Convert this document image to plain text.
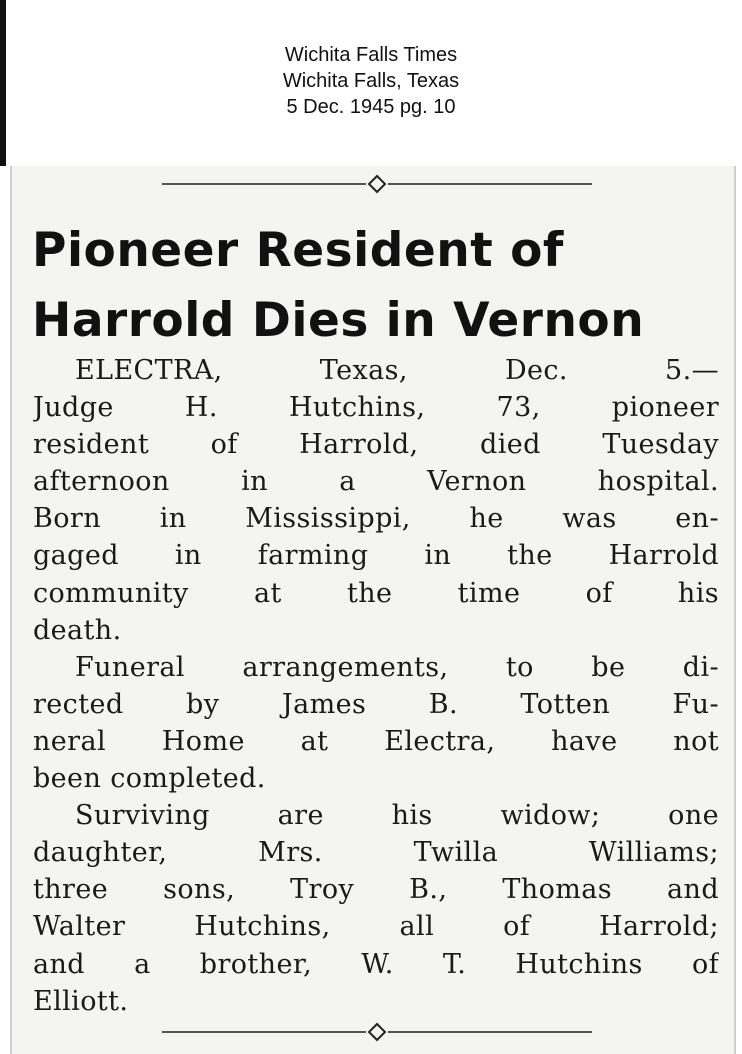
Wichita Falls Times
Wichita Falls, Texas
5 Dec. 1945 pg. 10
Pioneer Resident of
Harrold Dies in Vernon
ELECTRA, Texas, Dec. 5.—
Judge H. Hutchins, 73, pioneer
resident of Harrold, died Tuesday
afternoon in a Vernon hospital.
Born in Mississippi, he was en-
gaged in farming in the Harrold
community at the time of his
death.
Funeral arrangements, to be di-
rected by James B. Totten Fu-
neral Home at Electra, have not
been completed.
Surviving are his widow; one
daughter, Mrs. Twilla Williams;
three sons, Troy B., Thomas and
Walter Hutchins, all of Harrold;
and a brother, W. T. Hutchins of
Elliott.
